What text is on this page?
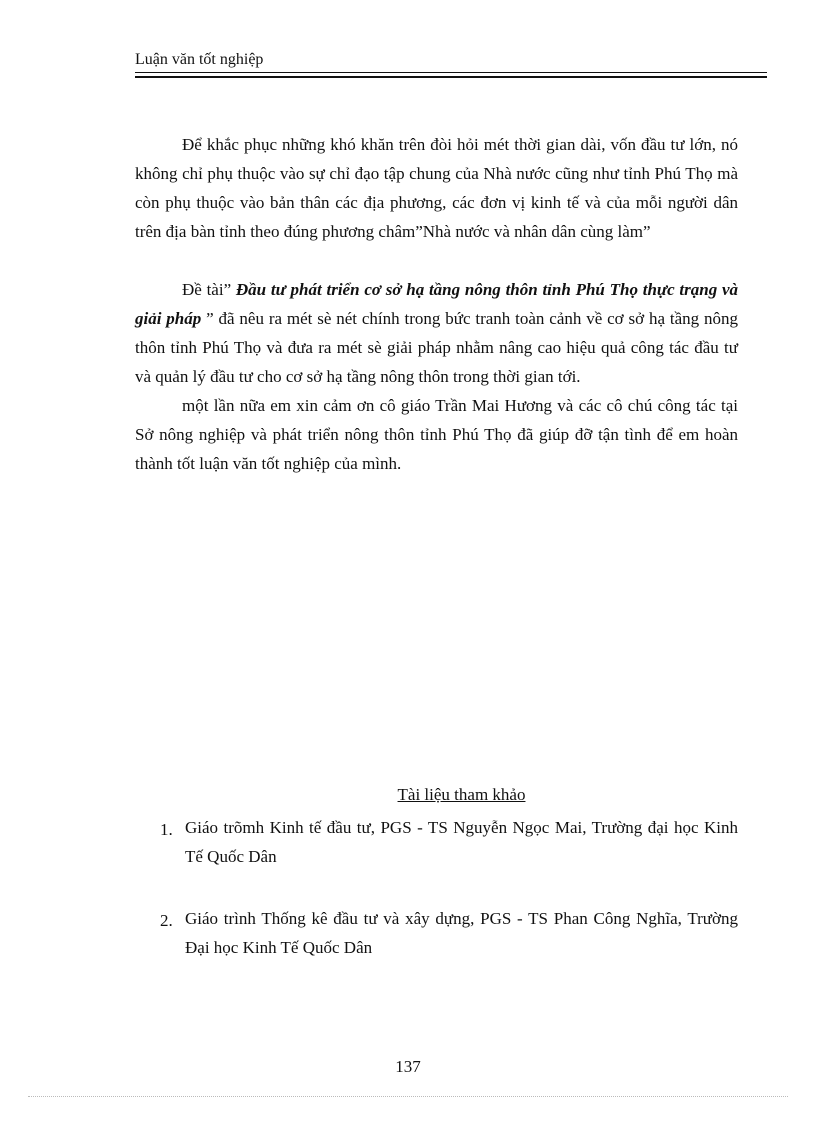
Luận văn tốt nghiệp

Để khắc phục những khó khăn trên đòi hỏi mét thời gian dài, vốn đầu tư lớn, nó không chỉ phụ thuộc vào sự chỉ đạo tập chung của Nhà nước cũng như tỉnh Phú Thọ mà còn phụ thuộc vào bản thân các địa phương, các đơn vị kinh tế và của mỗi người dân trên địa bàn tỉnh theo đúng phương châm”Nhà nước và nhân dân cùng làm”

Đề tài” Đầu tư phát triển cơ sở hạ tầng nông thôn tỉnh Phú Thọ thực trạng và giải pháp ” đã nêu ra mét sè nét chính trong bức tranh toàn cảnh về cơ sở hạ tầng nông thôn tỉnh Phú Thọ và đưa ra mét sè giải pháp nhằm nâng cao hiệu quả công tác đầu tư và quản lý đầu tư cho cơ sở hạ tầng nông thôn trong thời gian tới.

một lần nữa em xin cảm ơn cô giáo Trần Mai Hương và các cô chú công tác tại Sở nông nghiệp và phát triển nông thôn tỉnh Phú Thọ đã giúp đỡ tận tình để em hoàn thành tốt luận văn tốt nghiệp của mình.

Tài liệu tham khảo
1. Giáo trõmh Kinh tế đầu tư, PGS - TS Nguyễn Ngọc Mai, Trường đại học Kinh Tế Quốc Dân
2. Giáo trình Thống kê đầu tư và xây dựng, PGS - TS Phan Công Nghĩa, Trường Đại học Kinh Tế Quốc Dân
137
